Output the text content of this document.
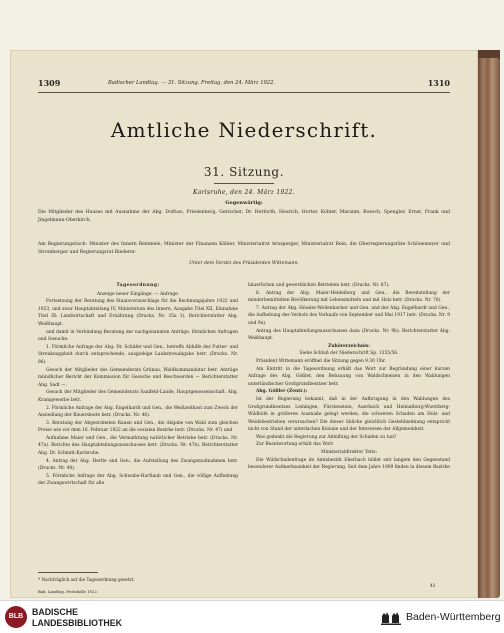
1309	Badischer Landtag. — 31. Sitzung. Freitag, den 24. März 1922.	1310
Amtliche Niederschrift.
31. Sitzung.
Karlsruhe, den 24. März 1922.
Gegenwärtig:
Die Mitglieder des Hauses mit Ausnahme der Abg. Dolfuss, Friedenberg, Gerischer, Dr. Herforth, Heurich, Horter, Köhler, Maranm, Roesch, Spengler, Ernst, Frank und Jingelmann-Oberkirch.
Am Regierungstisch: Minister des Innern Remmele, Minister der Finanzen Köhler, Ministerialrat Arnsperger, Ministerialrat Rein, die Oberregierungsräte Schönemeyer und Stromberger und Regierungsrat Biederer.
Unter dem Vorsitz des Präsidenten Wittemann.

Tagesordnung:

Anzeige neuer Eingänge. — Anfrage.

Fortsetzung der Beratung des Staatsvoranschlags für die Rechnungsjahre 1922 und 1923, und zwar Hauptabteilung IV, Ministerium des Innern, Ausgabe Titel XII, Einnahme Titel IX: Landwirtschaft und Ernährung (Drucks. Nr. 35a 1). Berichterstatter Abg. Weißhaupt.

und damit in Verbindung Beratung der nachgenannten Anträge, förmlichen Anfragen und Gesuche:

1. Förmliche Anfrage der Abg. Dr. Schäfer und Gen., betreffs Abhilfe der Futter- und Streuknappheit durch entsprechende, ausgiebige Laubstreuabgabe betr. (Drucks. Nr. 86).

Gesuch der Mitglieder des Gemeinderats Grünau, Waldkommandatur betr. Anträge mündlicher Bericht der Kommission für Gesuche und Beschwerden — Berichterstatter Abg. Sadt —.

Gesuch der Mitglieder des Gemeinderats Saalfeld-Lande, Hauptgenossenschaft. Abg. Kramgewerbe betr.

2. Förmliche Anfrage der Abg. Engelhardt und Gen., die Weißzeitkost zum Zweck der Ansiedlung der Bauersleute betr. (Drucks. Nr. 46).

3. Beratung der Abgeordneten Rauen und Gen., die Abgabe von Wald zum gleichen Preise wie vor dem 16. Februar 1922 an die sozialen Bezirke betr. (Drucks. Nr. 47) und

Aufnahme Maier und Gen., die Vermarktung natürlicher Betriebe betr. (Drucks. Nr. 47a). Berichte des Hauptabteilungsausschusses betr. (Drucks. Nr. 47b). Berichterstatter Abg. Dr. Schmitt-Karlsruhe.

4. Antrag der Abg. Hertle und Gen., die Aufstellung des Zwangsmaßnahmen betr. (Drucks. Nr. 48).

5. Förmliche Anfrage der Abg. Schwabe-Hartlaub und Gen., die völlige Aufhebung der Zwangswirtschaft für alle

* Nachträglich auf die Tagesordnung gesetzt.
Bad. Landtag. Protokolle 1922.

bäuerlichen und gewerblichen Betrieben betr. (Drucks. Nr. 87).

6. Antrag der Abg. Maier-Heidelberg und Gen., die Bereitstellung der minderbemittelten Bevölkerung mit Lebensmitteln und mit Holz betr. (Drucks. Nr. 70).

7. Antrag der Abg. Hössler-Wollenbacher und Gen. und der Abg. Engelhardt und Gen., die Aufhebung des Verbots des Verkaufs von September und Mai 1917 betr. (Drucks. Nr. 9 und 9a).

Antrag des Hauptabteilungsausschusses dazu (Drucks. Nr. 9b). Berichterstatter Abg. Weißhaupt.

Zuhörerzeichnis:

Siehe Schluß der Niederschrift Sp. 1355/56.

Präsident Wittemann eröffnet die Sitzung gegen 9.30 Uhr.

Am Eintritt in die Tagesordnung erhält das Wort zur Begründung einer kurzen Anfrage des Abg. Gößler, den Bebauung von Waldschneisen in den Waldungen unterländischer Großgrundbesitzer betr.

Abg. Gößler (Zentr.):

Ist der Regierung bekannt, daß in der Aufbrugung in den Waldungen des Großgrundbesitzes Leiningen, Fürstenstein, Auerbach und Heimatburg-Wurstberg-Wildhöfe in größeren Ausmaße gelegt werden, die schweren Schaden am Holz- und Weidebestrieben verursachen? Die dieser übliche gleichlich Gestehhiednung entspricht nicht von Stand der unterlachen Kolonie und der Interessen der Allgemeinheit.

Was gedenkt die Regierung zur Abhilfung der Schaden zu tun?

Zur Beantwortung erhält das Wort

Ministerialdirektor Teitz:

Die Wildschadenfrage im Amtsbezirk Eberbach bildet seit langem den Gegenstand besonderer Aufmerksamkeit der Regierung. Seit dem Jahre 1909 finden in diesem Bezirke

43
BLB	BADISCHE
LANDESBIBLIOTHEK	Baden-Württemberg
